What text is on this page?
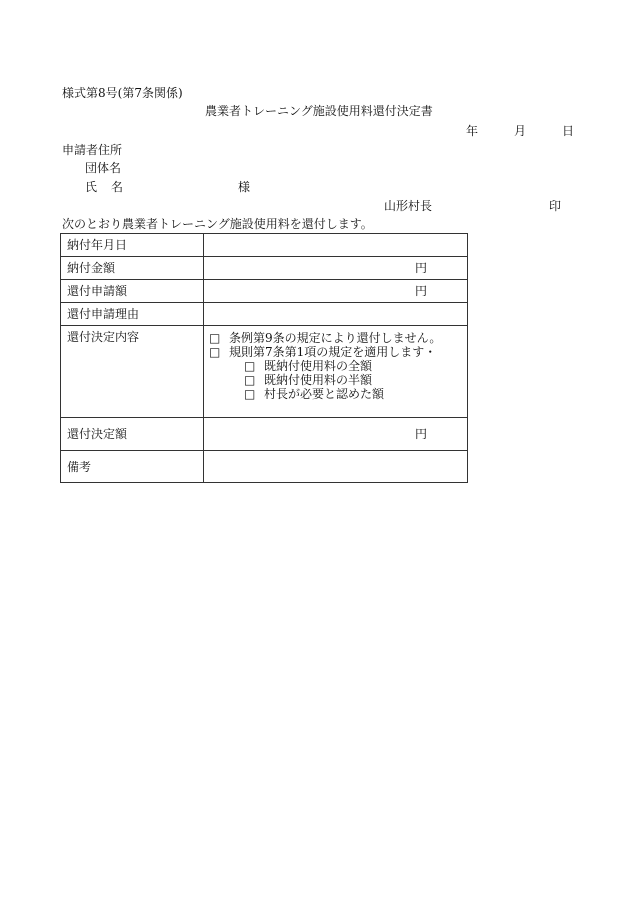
様式第8号(第7条関係)
農業者トレーニング施設使用料還付決定書
年	月	日
申請者住所
団体名
氏 名	様
山形村長	印
次のとおり農業者トレーニング施設使用料を還付します。
納付年月日	
納付金額	円

還付申請額	円

還付申請理由	
還付決定内容	□ 条例第9条の規定により還付しません。
□ 規則第7条第1項の規定を適用します・
□ 既納付使用料の全額
□ 既納付使用料の半額
□ 村長が必要と認めた額

還付決定額	円

備考	
